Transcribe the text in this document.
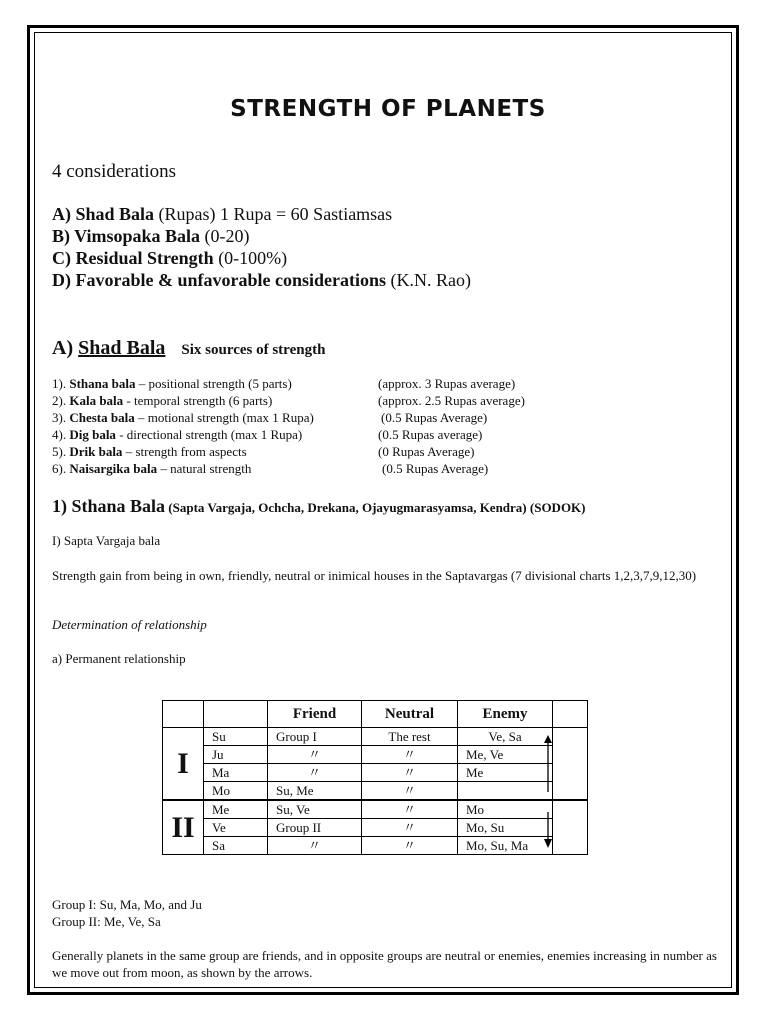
STRENGTH OF PLANETS
4 considerations
A) Shad Bala (Rupas) 1 Rupa = 60 Sastiamsas
B) Vimsopaka Bala (0-20)
C) Residual Strength (0-100%)
D) Favorable & unfavorable considerations (K.N. Rao)
A) Shad Bala Six sources of strength
1). Sthana bala – positional strength (5 parts)	(approx. 3 Rupas average)
2). Kala bala - temporal strength (6 parts)	(approx. 2.5 Rupas average)
3). Chesta bala – motional strength (max 1 Rupa)	(0.5 Rupas Average)
4). Dig bala - directional strength (max 1 Rupa)	(0.5 Rupas average)
5). Drik bala – strength from aspects	(0 Rupas Average)
6). Naisargika bala – natural strength	(0.5 Rupas Average)
1) Sthana Bala (Sapta Vargaja, Ochcha, Drekana, Ojayugmarasyamsa, Kendra) (SODOK)
I) Sapta Vargaja bala
Strength gain from being in own, friendly, neutral or inimical houses in the Saptavargas (7 divisional charts 1,2,3,7,9,12,30)
Determination of relationship
a) Permanent relationship
		Friend	Neutral	Enemy	
I	Su	Group I	The rest	Ve, Sa	
	Ju	〃	〃	Me, Ve	
	Ma	〃	〃	Me	
	Mo	Su, Me	〃		
II	Me	Su, Ve	〃	Mo	
	Ve	Group II	〃	Mo, Su	
	Sa	〃	〃	Mo, Su, Ma	
Group I: Su, Ma, Mo, and Ju
Group II: Me, Ve, Sa
Generally planets in the same group are friends, and in opposite groups are neutral or enemies, enemies increasing in number as we move out from moon, as shown by the arrows.
